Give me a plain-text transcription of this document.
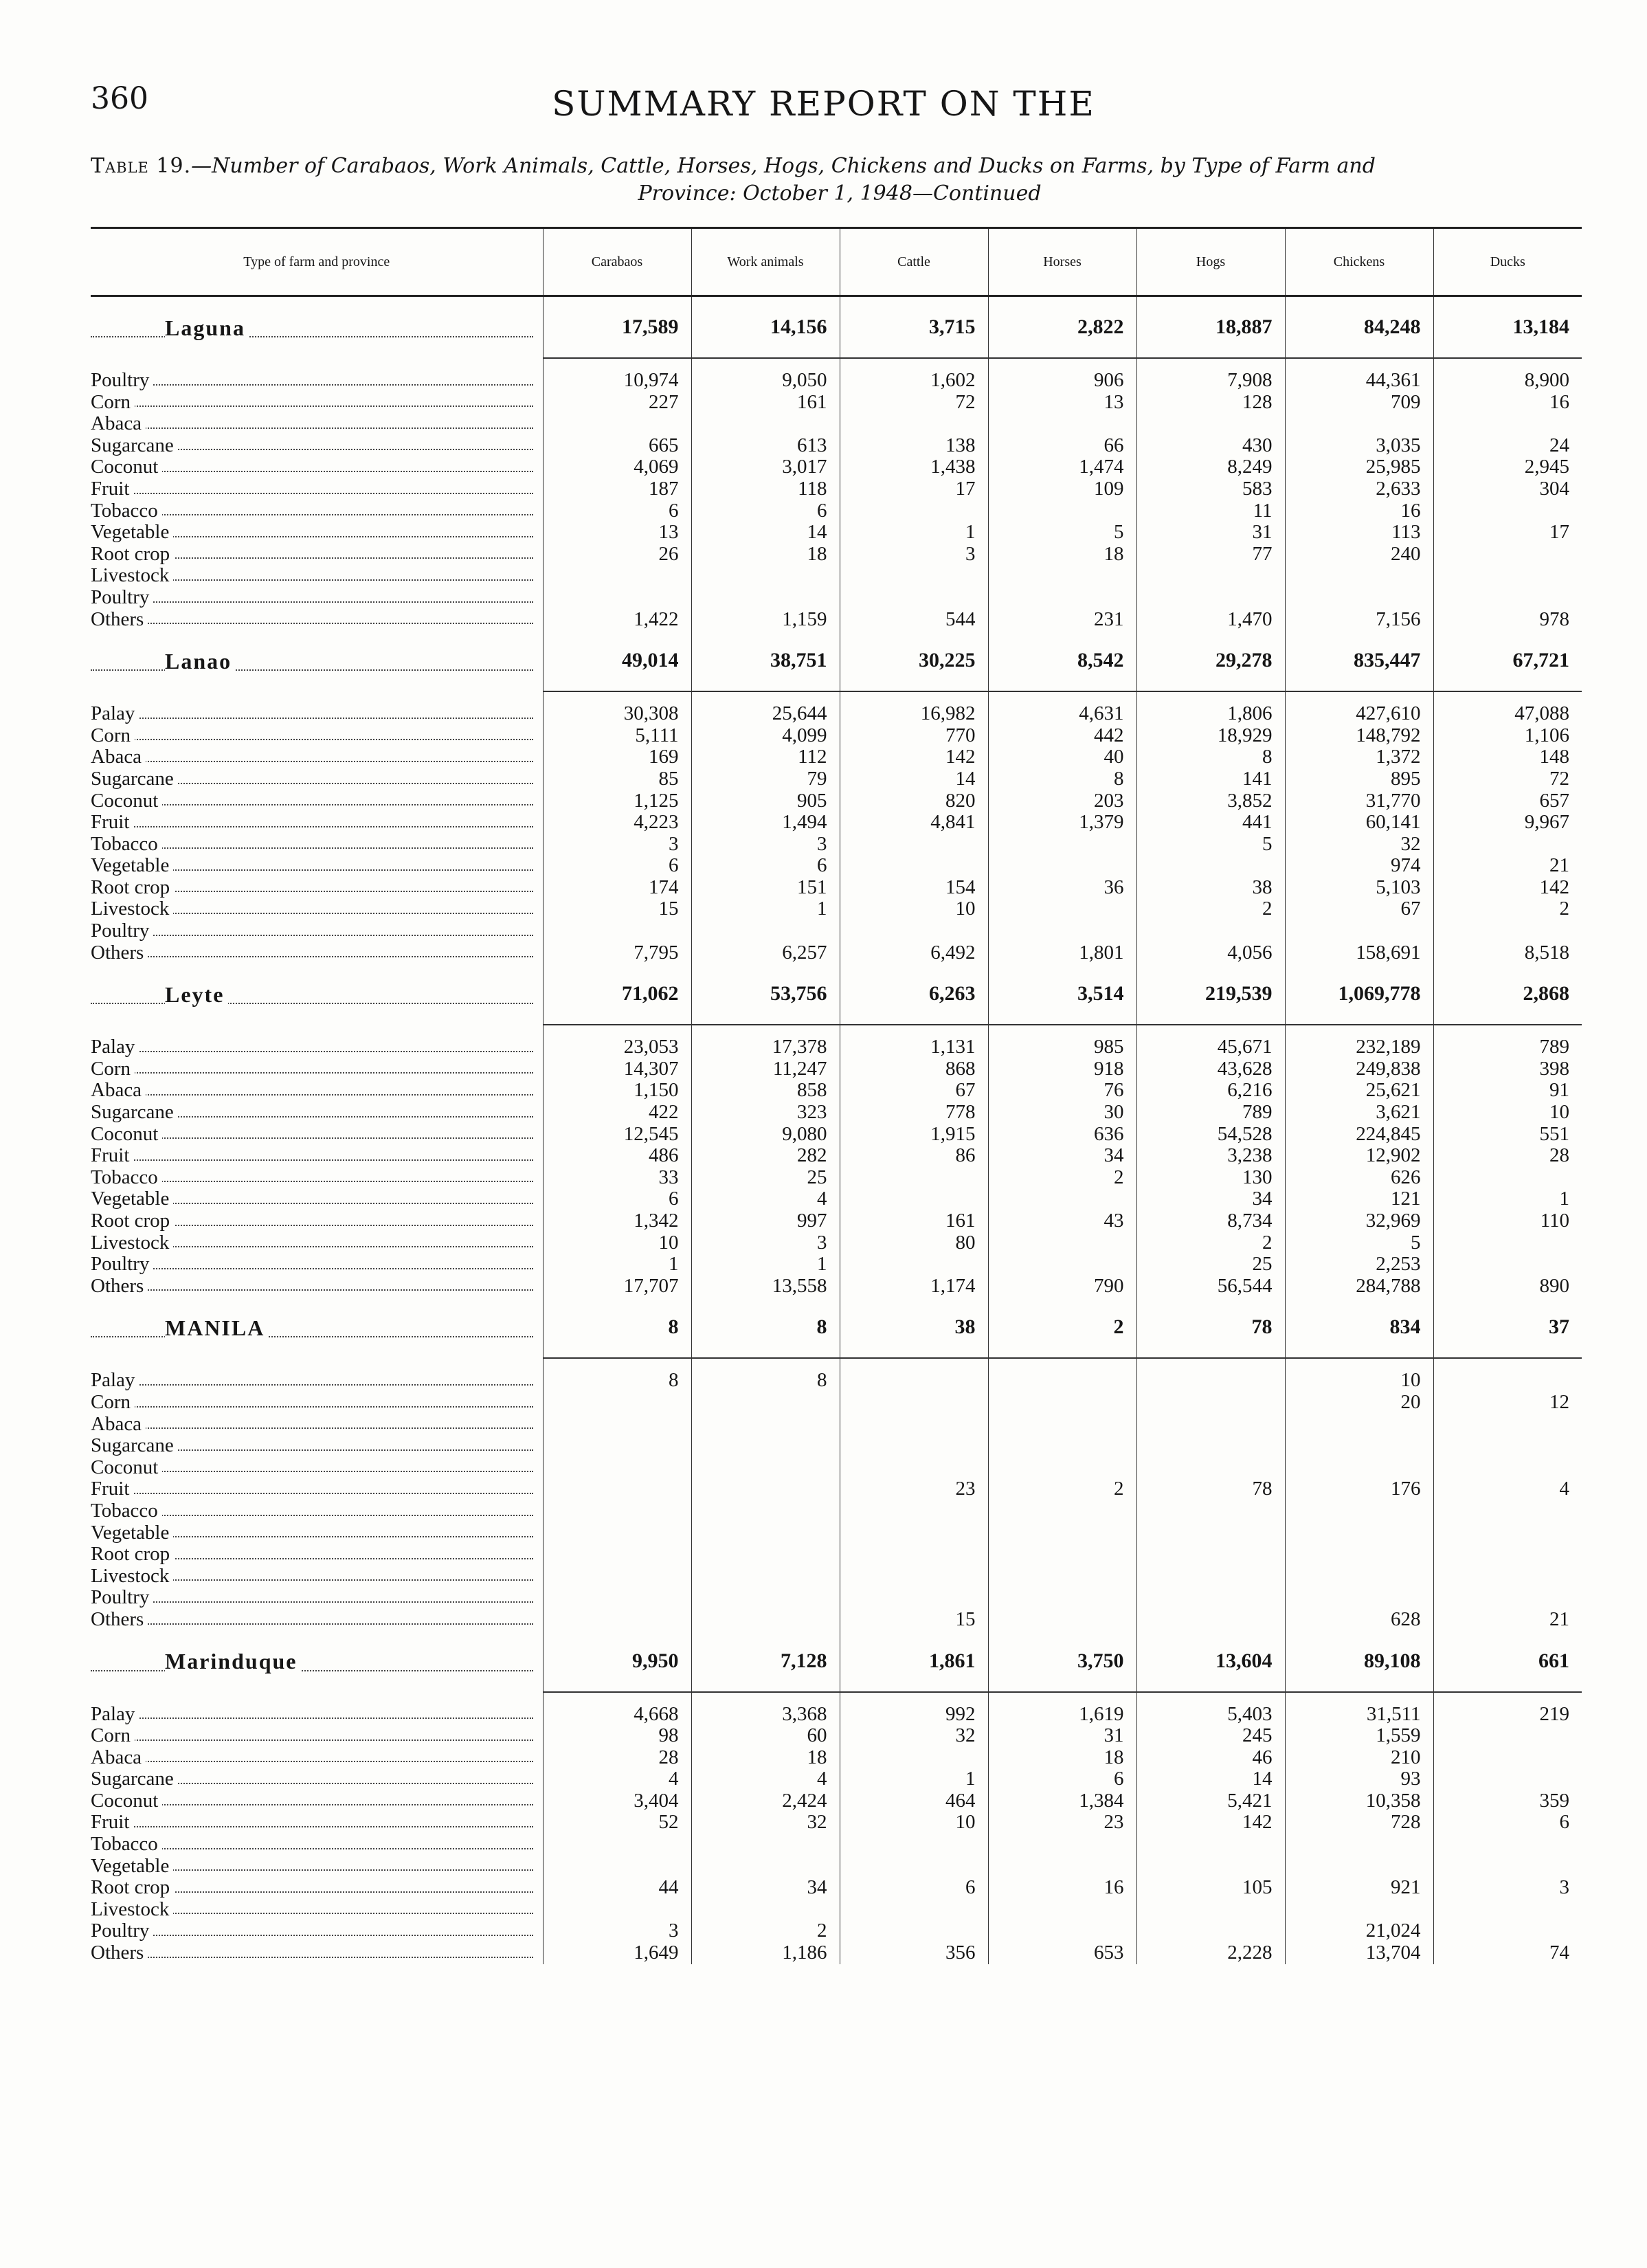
360	SUMMARY REPORT ON THE
Table 19.—Number of Carabaos, Work Animals, Cattle, Horses, Hogs, Chickens and Ducks on Farms, by Type of Farm and
Province: October 1, 1948—Continued
Type of farm and province	Carabaos	Work animals	Cattle	Horses	Hogs	Chickens	Ducks
Laguna	17,589	14,156	3,715	2,822	18,887	84,248	13,184

Poultry	10,974	9,050	1,602	906	7,908	44,361	8,900
Corn	227	161	72	13	128	709	16
Abaca							
Sugarcane	665	613	138	66	430	3,035	24
Coconut	4,069	3,017	1,438	1,474	8,249	25,985	2,945
Fruit	187	118	17	109	583	2,633	304
Tobacco	6	6			11	16	
Vegetable	13	14	1	5	31	113	17
Root crop	26	18	3	18	77	240	
Livestock							
Poultry							
Others	1,422	1,159	544	231	1,470	7,156	978
Lanao	49,014	38,751	30,225	8,542	29,278	835,447	67,721

Palay	30,308	25,644	16,982	4,631	1,806	427,610	47,088
Corn	5,111	4,099	770	442	18,929	148,792	1,106
Abaca	169	112	142	40	8	1,372	148
Sugarcane	85	79	14	8	141	895	72
Coconut	1,125	905	820	203	3,852	31,770	657
Fruit	4,223	1,494	4,841	1,379	441	60,141	9,967
Tobacco	3	3			5	32	
Vegetable	6	6				974	21
Root crop	174	151	154	36	38	5,103	142
Livestock	15	1	10		2	67	2
Poultry							
Others	7,795	6,257	6,492	1,801	4,056	158,691	8,518
Leyte	71,062	53,756	6,263	3,514	219,539	1,069,778	2,868

Palay	23,053	17,378	1,131	985	45,671	232,189	789
Corn	14,307	11,247	868	918	43,628	249,838	398
Abaca	1,150	858	67	76	6,216	25,621	91
Sugarcane	422	323	778	30	789	3,621	10
Coconut	12,545	9,080	1,915	636	54,528	224,845	551
Fruit	486	282	86	34	3,238	12,902	28
Tobacco	33	25		2	130	626	
Vegetable	6	4			34	121	1
Root crop	1,342	997	161	43	8,734	32,969	110
Livestock	10	3	80		2	5	
Poultry	1	1			25	2,253	
Others	17,707	13,558	1,174	790	56,544	284,788	890
MANILA	8	8	38	2	78	834	37

Palay	8	8				10	
Corn						20	12
Abaca							
Sugarcane							
Coconut							
Fruit			23	2	78	176	4
Tobacco							
Vegetable							
Root crop							
Livestock							
Poultry							
Others			15			628	21
Marinduque	9,950	7,128	1,861	3,750	13,604	89,108	661

Palay	4,668	3,368	992	1,619	5,403	31,511	219
Corn	98	60	32	31	245	1,559	
Abaca	28	18		18	46	210	
Sugarcane	4	4	1	6	14	93	
Coconut	3,404	2,424	464	1,384	5,421	10,358	359
Fruit	52	32	10	23	142	728	6
Tobacco							
Vegetable							
Root crop	44	34	6	16	105	921	3
Livestock							
Poultry	3	2				21,024	
Others	1,649	1,186	356	653	2,228	13,704	74
